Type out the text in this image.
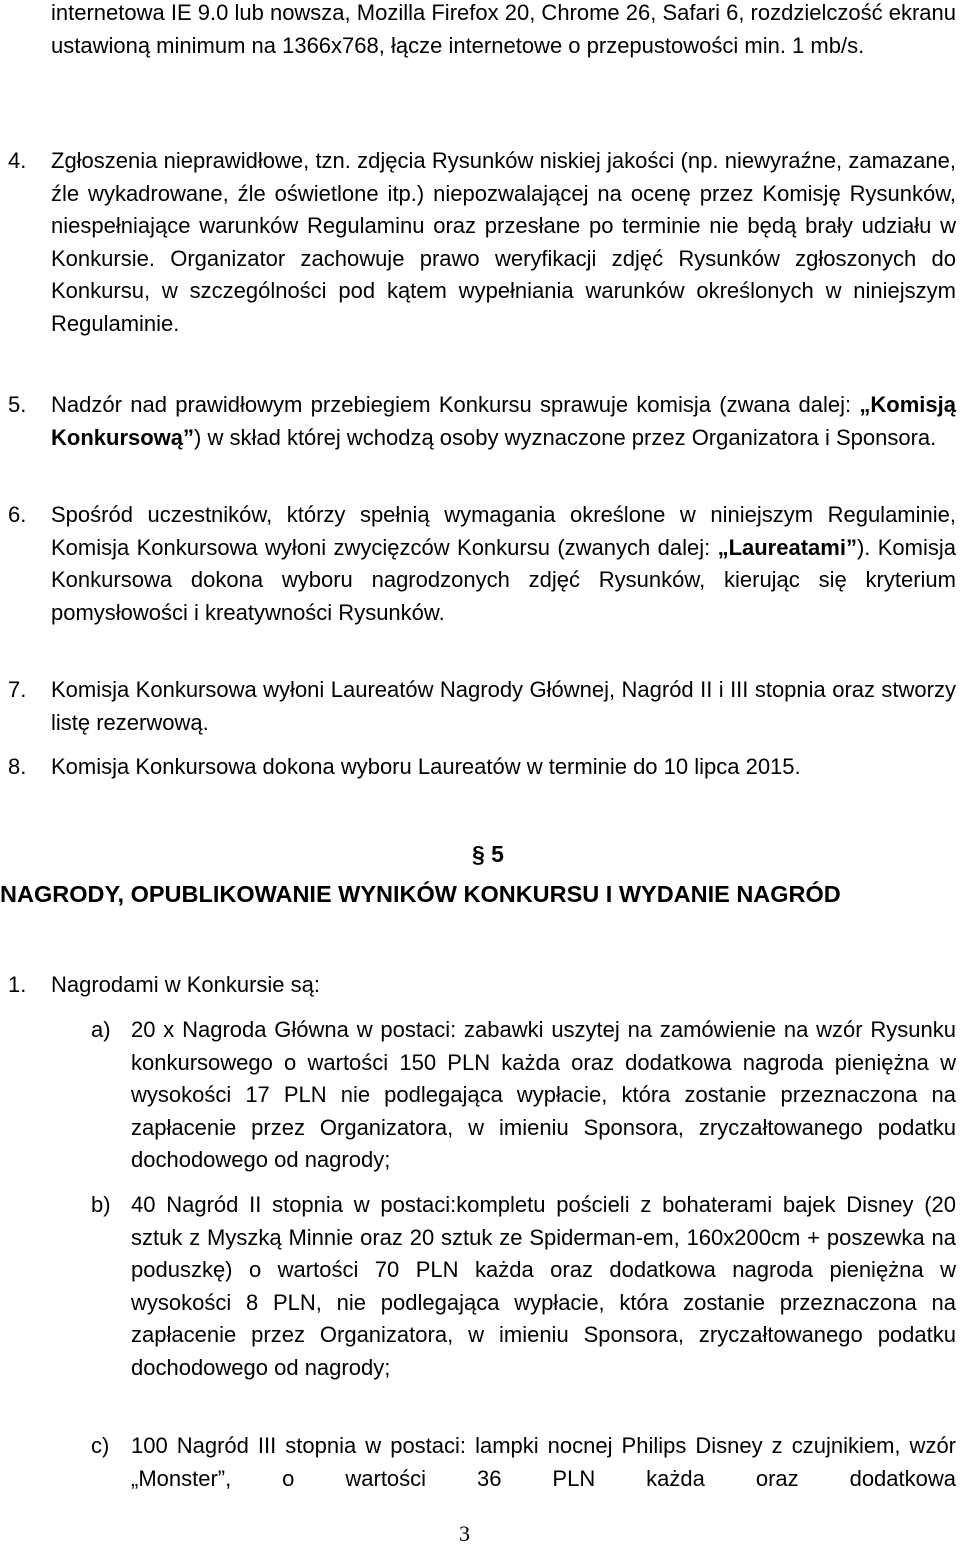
internetowa IE 9.0 lub nowsza, Mozilla Firefox 20, Chrome 26, Safari 6, rozdzielczość ekranu ustawioną minimum na 1366x768, łącze internetowe o przepustowości min. 1 mb/s.
4. Zgłoszenia nieprawidłowe, tzn. zdjęcia Rysunków niskiej jakości (np. niewyraźne, zamazane, źle wykadrowane, źle oświetlone itp.) niepozwalającej na ocenę przez Komisję Rysunków, niespełniające warunków Regulaminu oraz przesłane po terminie nie będą brały udziału w Konkursie. Organizator zachowuje prawo weryfikacji zdjęć Rysunków zgłoszonych do Konkursu, w szczególności pod kątem wypełniania warunków określonych w niniejszym Regulaminie.
5. Nadzór nad prawidłowym przebiegiem Konkursu sprawuje komisja (zwana dalej: „Komisją Konkursową”) w skład której wchodzą osoby wyznaczone przez Organizatora i Sponsora.
6. Spośród uczestników, którzy spełnią wymagania określone w niniejszym Regulaminie, Komisja Konkursowa wyłoni zwycięzców Konkursu (zwanych dalej: „Laureatami”). Komisja Konkursowa dokona wyboru nagrodzonych zdjęć Rysunków, kierując się kryterium pomysłowości i kreatywności Rysunków.
7. Komisja Konkursowa wyłoni Laureatów Nagrody Głównej, Nagród II i III stopnia oraz stworzy listę rezerwową.
8. Komisja Konkursowa dokona wyboru Laureatów w terminie do 10 lipca 2015.
§ 5
NAGRODY, OPUBLIKOWANIE WYNIKÓW KONKURSU I WYDANIE NAGRÓD
1. Nagrodami w Konkursie są:
a) 20 x Nagroda Główna w postaci: zabawki uszytej na zamówienie na wzór Rysunku konkursowego o wartości 150 PLN każda oraz dodatkowa nagroda pieniężna w wysokości 17 PLN nie podlegająca wypłacie, która zostanie przeznaczona na zapłacenie przez Organizatora, w imieniu Sponsora, zryczałtowanego podatku dochodowego od nagrody;
b) 40 Nagród II stopnia w postaci:kompletu pościeli z bohaterami bajek Disney (20 sztuk z Myszką Minnie oraz 20 sztuk ze Spiderman-em, 160x200cm + poszewka na poduszkę) o wartości 70 PLN każda oraz dodatkowa nagroda pieniężna w wysokości 8 PLN, nie podlegająca wypłacie, która zostanie przeznaczona na zapłacenie przez Organizatora, w imieniu Sponsora, zryczałtowanego podatku dochodowego od nagrody;
c) 100 Nagród III stopnia w postaci: lampki nocnej Philips Disney z czujnikiem, wzór „Monster”, o wartości 36 PLN każda oraz dodatkowa
3
